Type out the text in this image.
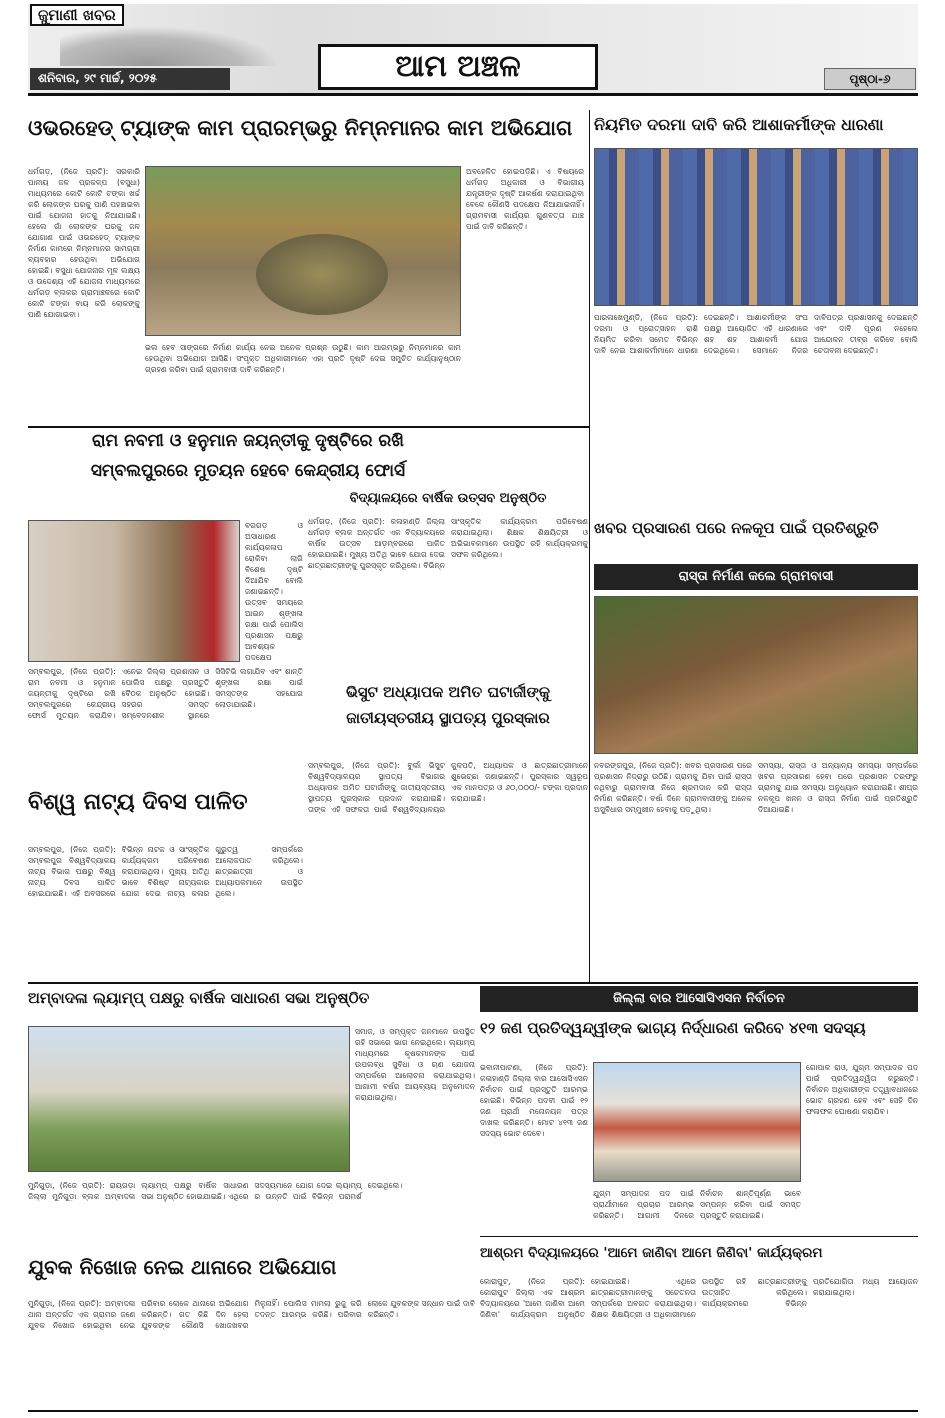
ଜୁମାଣୀ ଖବର
ଶନିବାର, ୨୯ ମାର୍ଚ୍ଚ, ୨୦୨୫	ଆମ ଅଞ୍ଚଳ	ପୃଷ୍ଠା-୬
ଓଭରହେଡ୍ ଟ୍ୟାଙ୍କ କାମ ପ୍ରାରମ୍ଭରୁ ନିମ୍ନମାନର କାମ ଅଭିଯୋଗ
ଧର୍ମଗଡ଼, (ନିଜେ ପ୍ରତି): ସରକାରି ପାନୀୟ ଜଳ ପ୍ରକଳ୍ପ (ବସୁଧା) ମାଧ୍ୟମରେ କୋଟି କୋଟି ଟଙ୍କା ଖର୍ଚ୍ଚ କରି ଲୋକଙ୍କ ଘରକୁ ପାଣି ପହଞ୍ଚାଇବା ପାଇଁ ଯୋଜନା ହାତକୁ ନିଆଯାଇଛି। ହେଲେ ଗାଁ ଲୋକଙ୍କ ଘରକୁ ଜଳ ଯୋଗାଣ ପାଇଁ ଓଭରହେଡ୍ ଟ୍ୟାଙ୍କ ନିର୍ମାଣ କାମରେ ନିମ୍ନମାନର ସାମଗ୍ରୀ ବ୍ୟବହାର ହେଉଥିବା ଅଭିଯୋଗ ହୋଇଛି। ବସୁଧା ଯୋଜନାର ମୂଳ ଲକ୍ଷ୍ୟ ଓ ଉଦ୍ଦେଶ୍ୟ ଏହି ଯୋଜନା ମାଧ୍ୟମରେ ଧର୍ମଗଡ଼ ବ୍ଲକର ଗ୍ରାମାଞ୍ଚଳରେ କୋଟି କୋଟି ଟଙ୍କା ବାୟ କରି ଲୋକଙ୍କୁ ପାଣି ଯୋଗାଇବା।
ଭଲ ହେବ ସାଙ୍ଗରେ ନିର୍ମାଣ କାର୍ଯ୍ୟ ନେଇ ଅନେକ ପ୍ରଶ୍ନ ଉଠୁଛି। କାମ ଆରମ୍ଭରୁ ନିମ୍ନମାନର କାମ ହେଉଥିବା ଅଭିଯୋଗ ଆସିଛି। ସଂପୃକ୍ତ ଅଧିକାରୀମାନେ ଏହା ପ୍ରତି ଦୃଷ୍ଟି ଦେଇ ସମୁଚିତ କାର୍ଯ୍ୟାନୁଷ୍ଠାନ ଗ୍ରହଣ କରିବା ପାଇଁ ଗ୍ରାମବାସୀ ଦାବି କରିଛନ୍ତି।
ଅବହେଳିତ ହୋଇପଡ଼ିଛି। ଏ ବିଷୟରେ ଧର୍ମଗଡ଼ ଅଧିକାରୀ ଓ ବିଭାଗୀୟ ଯନ୍ତ୍ରୀଙ୍କ ଦୃଷ୍ଟି ଆକର୍ଷଣ କରାଯାଇଥିବା ବେଳେ କୌଣସି ପଦକ୍ଷେପ ନିଆଯାଇନାହିଁ। ଗ୍ରାମବାସୀ କାର୍ଯ୍ୟର ଗୁଣବତ୍ତା ଯାଞ୍ଚ ପାଇଁ ଦାବି କରିଛନ୍ତି।
ନିୟମିତ ଦରମା ଦାବି କରି ଆଶାକର୍ମୀଙ୍କ ଧାରଣା
ପାରଳାଖେମୁଣ୍ଡି, (ନିଜେ ପ୍ରତି): ଦରମା ଓ ପ୍ରୋତ୍ସାହନ ରାଶି ନିୟମିତ କରିବା ସମେତ ବିଭିନ୍ନ ଦାବି ନେଇ ଆଶାକର୍ମୀମାନେ ଧାରଣା ଦେଇଛନ୍ତି। ଆଶାକର୍ମୀଙ୍କ ସଂଘ ପକ୍ଷରୁ ଆୟୋଜିତ ଏହି ଧାରଣାରେ ଶହ ଶହ ଆଶାକର୍ମୀ ଯୋଗ ଦେଇଥିଲେ। ସେମାନେ ନିଜର ଦାବିପତ୍ର ପ୍ରଶାସନକୁ ଦେଇଛନ୍ତି ଏବଂ ଦାବି ପୂରଣ ନହେଲେ ଆନ୍ଦୋଳନ ତୀବ୍ର କରିବେ ବୋଲି ଚେତାବନୀ ଦେଇଛନ୍ତି।
ରାମ ନବମୀ ଓ ହନୁମାନ ଜୟନ୍ତୀକୁ ଦୃଷ୍ଟିରେ ରଖି
ସମ୍ବଲପୁରରେ ମୁତୟନ ହେବେ କେନ୍ଦ୍ରୀୟ ଫୋର୍ସ
ବରଗଡ଼ ଓ ଅସାଧାରଣ କାର୍ଯ୍ୟକଳାପ ରୋକିବା ଲାଗି ବିଶେଷ ଦୃଷ୍ଟି ଦିଆଯିବ ବୋଲି ଜଣାଇଛନ୍ତି। ଉତ୍ସବ ସମୟରେ ଆଇନ ଶୃଙ୍ଖଳା ରକ୍ଷା ପାଇଁ ପୋଲିସ ପ୍ରଶାସନ ପକ୍ଷରୁ ଆବଶ୍ୟକ ପଦକ୍ଷେପ
ସମ୍ବଲପୁର, (ନିଜେ ପ୍ରତି): ରାମ ନବମୀ ଓ ହନୁମାନ ଜୟନ୍ତୀକୁ ଦୃଷ୍ଟିରେ ରଖି ସମ୍ବଲପୁରରେ କେନ୍ଦ୍ରୀୟ ଫୋର୍ସ ମୁତୟନ କରାଯିବ। ଏନେଇ ଜିଲ୍ଲା ପ୍ରଶାସନ ଓ ପୋଲିସ ପକ୍ଷରୁ ପ୍ରସ୍ତୁତି ବୈଠକ ଅନୁଷ୍ଠିତ ହୋଇଛି। ସହରର ସମସ୍ତ ସମ୍ବେଦନଶୀଳ ସ୍ଥାନରେ ସିସିଟିଭି ଲଗାଯିବ ଏବଂ ଶାନ୍ତି ଶୃଙ୍ଖଳା ରକ୍ଷା ପାଇଁ ସମସ୍ତଙ୍କ ସହଯୋଗ ଲୋଡ଼ାଯାଇଛି।
ବିଦ୍ୟାଳୟରେ ବାର୍ଷିକ ଉତ୍ସବ ଅନୁଷ୍ଠିତ
ଧର୍ମଗଡ଼, (ନିଜେ ପ୍ରତି): କଳାହାଣ୍ଡି ଜିଲ୍ଲା ଧର୍ମଗଡ଼ ବ୍ଲକ ଅନ୍ତର୍ଗତ ଏକ ବିଦ୍ୟାଳୟରେ ବାର୍ଷିକ ଉତ୍ସବ ଆଡ଼ମ୍ବରରେ ପାଳିତ ହୋଇଯାଇଛି। ମୁଖ୍ୟ ଅତିଥି ଭାବେ ଯୋଗ ଦେଇ ଛାତ୍ରଛାତ୍ରୀଙ୍କୁ ପୁରସ୍କୃତ କରିଥିଲେ। ବିଭିନ୍ନ ସାଂସ୍କୃତିକ କାର୍ଯ୍ୟକ୍ରମ ପରିବେଷଣ କରାଯାଇଥିଲା। ଶିକ୍ଷକ ଶିକ୍ଷୟିତ୍ରୀ ଓ ଅଭିଭାବକମାନେ ଉପସ୍ଥିତ ରହି କାର୍ଯ୍ୟକ୍ରମକୁ ସଫଳ କରିଥିଲେ।
ଖବର ପ୍ରସାରଣ ପରେ ନଳକୂପ ପାଇଁ ପ୍ରତିଶ୍ରୁତି
ରାସ୍ତା ନିର୍ମାଣ କଲେ ଗ୍ରାମବାସୀ
ଭିସୁଟ ଅଧ୍ୟାପକ ଅମିତ ଘଟାର୍ଜୀଙ୍କୁ
ଜାତୀୟସ୍ତରୀୟ ସ୍ଥାପତ୍ୟ ପୁରସ୍କାର
ସମ୍ବଲପୁର, (ନିଜେ ପ୍ରତି): ବୁର୍ଲା ଭିସୁଟ ବିଶ୍ୱବିଦ୍ୟାଳୟର ସ୍ଥାପତ୍ୟ ବିଭାଗର ଅଧ୍ୟାପକ ଅମିତ ଘଟାର୍ଜୀଙ୍କୁ ଜାତୀୟସ୍ତରୀୟ ସ୍ଥାପତ୍ୟ ପୁରସ୍କାର ପ୍ରଦାନ କରାଯାଇଛି। ତାଙ୍କ ଏହି ସଫଳତା ପାଇଁ ବିଶ୍ୱବିଦ୍ୟାଳୟର କୁଳପତି, ଅଧ୍ୟାପକ ଓ ଛାତ୍ରଛାତ୍ରୀମାନେ ଶୁଭେଚ୍ଛା ଜଣାଇଛନ୍ତି। ପୁରସ୍କାର ସ୍ୱରୂପ ଏକ ମାନପତ୍ର ଓ ୬୦,୦୦୦/- ଟଙ୍କା ପ୍ରଦାନ କରାଯାଇଛି।
ନବରଙ୍ଗପୁର, (ନିଜେ ପ୍ରତି): ଖବର ପ୍ରସାରଣ ପରେ ପ୍ରଶାସନ ନିଦ୍ରାରୁ ଉଠିଛି। ଗ୍ରାମକୁ ଯିବା ପାଇଁ ରାସ୍ତା ନଥିବାରୁ ଗ୍ରାମବାସୀ ନିଜେ ଶ୍ରମଦାନ କରି ରାସ୍ତା ନିର୍ମାଣ କରିଛନ୍ତି। ବର୍ଷା ଦିନେ ଗ୍ରାମବାସୀଙ୍କୁ ଅନେକ ଅସୁବିଧାର ସମ୍ମୁଖୀନ ହେବାକୁ ପଡ଼ୁଥିଲା।
ସମସ୍ୟା, ରାସ୍ତା ଓ ଅନ୍ୟାନ୍ୟ ସମସ୍ୟା ସମ୍ପର୍କରେ ଖବର ପ୍ରସାରଣ ହେବା ପରେ ପ୍ରଶାସନ ତରଫରୁ ଗ୍ରାମକୁ ଯାଇ ସମସ୍ୟା ଅନୁଧ୍ୟାନ କରାଯାଇଛି। ଶୀଘ୍ର ନଳକୂପ ଖନନ ଓ ରାସ୍ତା ନିର୍ମାଣ ପାଇଁ ପ୍ରତିଶ୍ରୁତି ଦିଆଯାଇଛି।
ବିଶ୍ୱ ନାଟ୍ୟ ଦିବସ ପାଳିତ
ସମ୍ବଲପୁର, (ନିଜେ ପ୍ରତି): ସମ୍ବଲପୁର ବିଶ୍ୱବିଦ୍ୟାଳୟ ନାଟ୍ୟ ବିଭାଗ ପକ୍ଷରୁ ବିଶ୍ୱ ନାଟ୍ୟ ଦିବସ ପାଳିତ ହୋଇଯାଇଛି। ଏହି ଅବସରରେ ବିଭିନ୍ନ ନାଟକ ଓ ସାଂସ୍କୃତିକ କାର୍ଯ୍ୟକ୍ରମ ପରିବେଷଣ କରାଯାଇଥିଲା। ମୁଖ୍ୟ ଅତିଥି ଭାବେ ବିଶିଷ୍ଟ ନାଟ୍ୟକାର ଯୋଗ ଦେଇ ନାଟ୍ୟ କଳାର ଗୁରୁତ୍ୱ ସମ୍ପର୍କରେ ଆଲୋକପାତ କରିଥିଲେ। ଛାତ୍ରଛାତ୍ରୀ ଓ ଅଧ୍ୟାପକମାନେ ଉପସ୍ଥିତ ଥିଲେ।
ଅମ୍ବାଦଳା ଲ୍ୟାମ୍ପ୍ ପକ୍ଷରୁ ବାର୍ଷିକ ସାଧାରଣ ସଭା ଅନୁଷ୍ଠିତ
ସମାଜ, ଓ ସମ୍ପୃକ୍ତ ଜନମାନେ ଉପସ୍ଥିତ ରହି ସଭାରେ ଭାଗ ନେଇଥିଲେ। ଲ୍ୟାମ୍ପ୍ ମାଧ୍ୟମରେ କୃଷକମାନଙ୍କ ପାଇଁ ଉପଲବ୍ଧ ସୁବିଧା ଓ ଋଣ ଯୋଜନା ସମ୍ପର୍କରେ ଆଲୋଚନା କରାଯାଇଥିଲା। ଆଗାମୀ ବର୍ଷର ଆୟବ୍ୟୟ ଅନୁମୋଦନ କରାଯାଇଥିଲା।
ମୁନିଗୁଡ଼ା, (ନିଜେ ପ୍ରତି): ରାୟଗଡ଼ା ଜିଲ୍ଲା ମୁନିଗୁଡ଼ା ବ୍ଲକ ଅମ୍ବାଦଳା ଲ୍ୟାମ୍ପ୍ ପକ୍ଷରୁ ବାର୍ଷିକ ସାଧାରଣ ସଭା ଅନୁଷ୍ଠିତ ହୋଇଯାଇଛି। ଏଥିରେ ସଦସ୍ୟମାନେ ଯୋଗ ଦେଇ ଲ୍ୟାମ୍ପ୍ ର ଉନ୍ନତି ପାଇଁ ବିଭିନ୍ନ ପରାମର୍ଶ ଦେଇଥିଲେ।
ଜିଲ୍ଲା ବାର ଆସୋସିଏସନ ନିର୍ବାଚନ
୧୨ ଜଣ ପ୍ରତିଦ୍ୱନ୍ଦ୍ୱୀଙ୍କ ଭାଗ୍ୟ ନିର୍ଦ୍ଧାରଣ କରିବେ ୪୧୩ ସଦସ୍ୟ
ଭବାନୀପାଟଣା, (ନିଜେ ପ୍ରତି): କଳାହାଣ୍ଡି ଜିଲ୍ଲା ବାର ଆସୋସିଏସନ ନିର୍ବାଚନ ପାଇଁ ପ୍ରସ୍ତୁତି ଆରମ୍ଭ ହୋଇଛି। ବିଭିନ୍ନ ପଦବୀ ପାଇଁ ୧୨ ଜଣ ପ୍ରାର୍ଥୀ ମନୋନୟନ ପତ୍ର ଦାଖଲ କରିଛନ୍ତି। ମୋଟ ୪୧୩ ଜଣ ସଦସ୍ୟ ଭୋଟ ଦେବେ।
ଗୋପାଳ ରାଓ, ଯୁଗ୍ମ ସମ୍ପାଦକ ପଦ ପାଇଁ ପ୍ରତିଦ୍ୱନ୍ଦ୍ୱିତା କରୁଛନ୍ତି। ନିର୍ବାଚନ ଅଧିକାରୀଙ୍କ ତତ୍ତ୍ୱାବଧାନରେ ଭୋଟ ଗ୍ରହଣ ହେବ ଏବଂ ସେହି ଦିନ ଫଳାଫଳ ଘୋଷଣା କରାଯିବ।
ଯୁଗ୍ମ ସମ୍ପାଦକ ପଦ ପାଇଁ ପ୍ରାର୍ଥୀମାନେ ପ୍ରଚାର ଆରମ୍ଭ କରିଛନ୍ତି। ଆଗାମୀ ଦିନରେ ନିର୍ବାଚନ ଶାନ୍ତିପୂର୍ଣ୍ଣ ଭାବେ ସମ୍ପନ୍ନ କରିବା ପାଇଁ ସମସ୍ତ ପ୍ରସ୍ତୁତି କରାଯାଇଛି।
ଯୁବକ ନିଖୋଜ ନେଇ ଥାନାରେ ଅଭିଯୋଗ
ମୁନିଗୁଡ଼ା, (ନିଜେ ପ୍ରତି): ଅମ୍ବାଦଳା ଥାନା ଅନ୍ତର୍ଗତ ଏକ ଗ୍ରାମର ଜଣେ ଯୁବକ ନିଖୋଜ ହୋଇଥିବା ନେଇ ପରିବାର ଲୋକେ ଥାନାରେ ଅଭିଯୋଗ କରିଛନ୍ତି। ଗତ କିଛି ଦିନ ହେଲା ଯୁବକଙ୍କ କୌଣସି ଖୋଜଖବର ମିଳୁନାହିଁ। ପୋଲିସ ମାମଲା ରୁଜୁ କରି ତଦନ୍ତ ଆରମ୍ଭ କରିଛି। ପରିବାର ଲୋକେ ଯୁବକଙ୍କ ସନ୍ଧାନ ପାଇଁ ଦାବି କରିଛନ୍ତି।
ଆଶ୍ରମ ବିଦ୍ୟାଳୟରେ 'ଆମେ ଜାଣିବା ଆମେ ଜିଣିବା' କାର୍ଯ୍ୟକ୍ରମ
କୋରାପୁଟ, (ନିଜେ ପ୍ରତି): କୋରାପୁଟ ଜିଲ୍ଲା ଏକ ଆଶ୍ରମ ବିଦ୍ୟାଳୟରେ 'ଆମେ ଜାଣିବା ଆମେ ଜିଣିବା' କାର୍ଯ୍ୟକ୍ରମ ଅନୁଷ୍ଠିତ ହୋଇଯାଇଛି। ଏଥିରେ ଛାତ୍ରଛାତ୍ରୀମାନଙ୍କୁ ସଚେତନତା ସମ୍ପର୍କରେ ଅବଗତ କରାଯାଇଥିଲା। ଶିକ୍ଷକ ଶିକ୍ଷୟିତ୍ରୀ ଓ ଅଧିକାରୀମାନେ ଉପସ୍ଥିତ ରହି ଛାତ୍ରଛାତ୍ରୀଙ୍କୁ ଉତ୍ସାହିତ କରିଥିଲେ। କାର୍ଯ୍ୟକ୍ରମରେ ବିଭିନ୍ନ ପ୍ରତିଯୋଗିତା ମଧ୍ୟ ଆୟୋଜନ କରାଯାଇଥିଲା।
